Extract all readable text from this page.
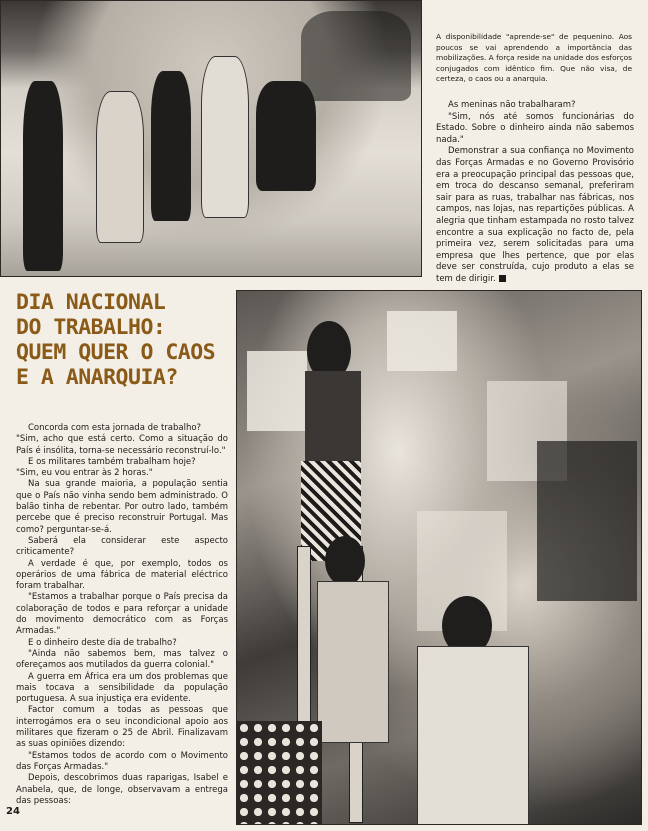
A disponibilidade "aprende-se" de pequenino. Aos poucos se vai aprendendo a importância das mobilizações. A força reside na unidade dos esforços conjugados com idêntico fim. Que não visa, de certeza, o caos ou a anarquia.

As meninas não trabalharam?

"Sim, nós até somos funcionárias do Estado. Sobre o dinheiro ainda não sabemos nada."

Demonstrar a sua confiança no Movimento das Forças Armadas e no Governo Provisório era a preocupação principal das pessoas que, em troca do descanso semanal, preferiram sair para as ruas, trabalhar nas fábricas, nos campos, nas lojas, nas repartições públicas. A alegria que tinham estampada no rosto talvez encontre a sua explicação no facto de, pela primeira vez, serem solicitadas para uma empresa que lhes pertence, que por elas deve ser construída, cujo produto a elas se tem de dirigir.

DIA NACIONAL
DO TRABALHO:
QUEM QUER O CAOS
E A ANARQUIA?

Concorda com esta jornada de trabalho?

"Sim, acho que está certo. Como a situação do País é insólita, torna-se necessário reconstruí-lo."

E os militares também trabalham hoje?

"Sim, eu vou entrar às 2 horas."

Na sua grande maioria, a população sentia que o País não vinha sendo bem administrado. O balão tinha de rebentar. Por outro lado, também percebe que é preciso reconstruir Portugal. Mas como? perguntar-se-á.

Saberá ela considerar este aspecto criticamente?

A verdade é que, por exemplo, todos os operários de uma fábrica de material eléctrico foram trabalhar.

"Estamos a trabalhar porque o País precisa da colaboração de todos e para reforçar a unidade do movimento democrático com as Forças Armadas."

E o dinheiro deste dia de trabalho?

"Ainda não sabemos bem, mas talvez o ofereçamos aos mutilados da guerra colonial."

A guerra em África era um dos problemas que mais tocava a sensibilidade da população portuguesa. A sua injustiça era evidente.

Factor comum a todas as pessoas que interrogámos era o seu incondicional apoio aos militares que fizeram o 25 de Abril. Finalizavam as suas opiniões dizendo:

"Estamos todos de acordo com o Movimento das Forças Armadas."

Depois, descobrimos duas raparigas, Isabel e Anabela, que, de longe, observavam a entrega das pessoas:

24
